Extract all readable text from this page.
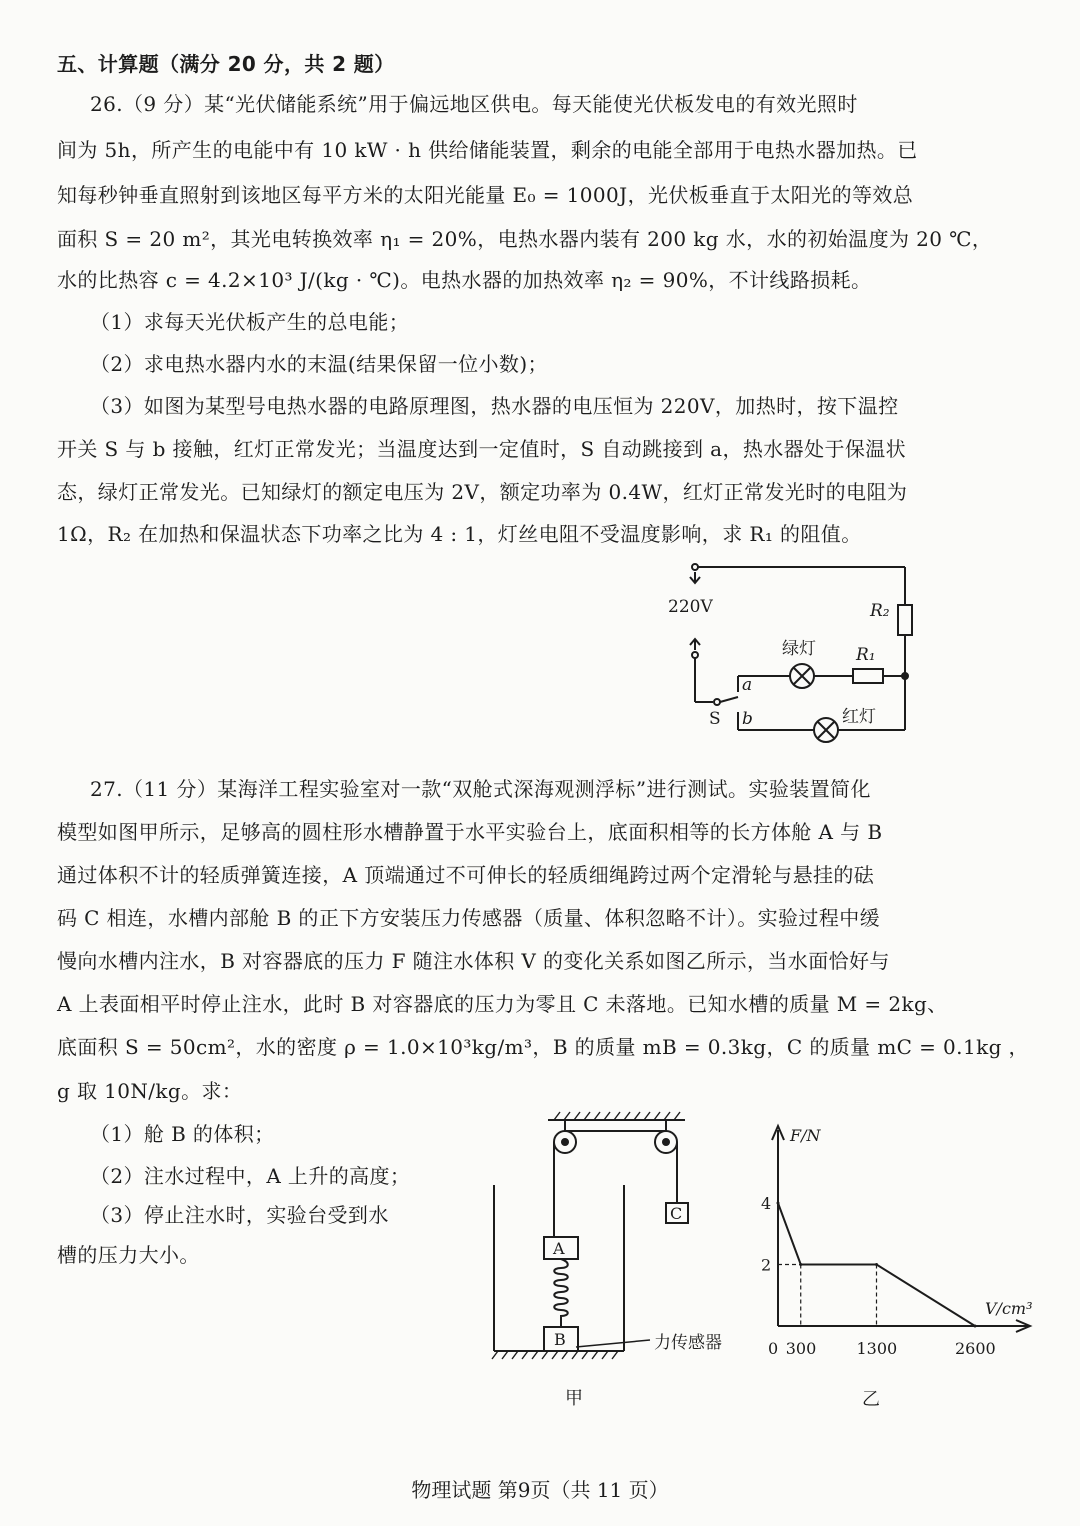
五、计算题（满分 20 分，共 2 题）
26.（9 分）某“光伏储能系统”用于偏远地区供电。每天能使光伏板发电的有效光照时
间为 5h，所产生的电能中有 10 kW · h 供给储能装置，剩余的电能全部用于电热水器加热。已
知每秒钟垂直照射到该地区每平方米的太阳光能量 E₀ = 1000J，光伏板垂直于太阳光的等效总
面积 S = 20 m²，其光电转换效率 η₁ = 20%，电热水器内装有 200 kg 水，水的初始温度为 20 ℃，
水的比热容 c = 4.2×10³ J/(kg · ℃)。电热水器的加热效率 η₂ = 90%，不计线路损耗。
（1）求每天光伏板产生的总电能；
（2）求电热水器内水的末温(结果保留一位小数)；
（3）如图为某型号电热水器的电路原理图，热水器的电压恒为 220V，加热时，按下温控
开关 S 与 b 接触，红灯正常发光；当温度达到一定值时，S 自动跳接到 a，热水器处于保温状
态，绿灯正常发光。已知绿灯的额定电压为 2V，额定功率为 0.4W，红灯正常发光时的电阻为
1Ω，R₂ 在加热和保温状态下功率之比为 4 : 1，灯丝电阻不受温度影响，求 R₁ 的阻值。
220V	R₂
R₁
绿灯
红灯
a
b
S
27.（11 分）某海洋工程实验室对一款“双舱式深海观测浮标”进行测试。实验装置简化
模型如图甲所示，足够高的圆柱形水槽静置于水平实验台上，底面积相等的长方体舱 A 与 B
通过体积不计的轻质弹簧连接，A 顶端通过不可伸长的轻质细绳跨过两个定滑轮与悬挂的砝
码 C 相连，水槽内部舱 B 的正下方安装压力传感器（质量、体积忽略不计）。实验过程中缓
慢向水槽内注水，B 对容器底的压力 F 随注水体积 V 的变化关系如图乙所示，当水面恰好与
A 上表面相平时停止注水，此时 B 对容器底的压力为零且 C 未落地。已知水槽的质量 M = 2kg、
底面积 S = 50cm²，水的密度 ρ = 1.0×10³kg/m³，B 的质量 mB = 0.3kg，C 的质量 mC = 0.1kg ，
g 取 10N/kg。求：
（1）舱 B 的体积；
（2）注水过程中，A 上升的高度；
（3）停止注水时，实验台受到水
槽的压力大小。	A
B
C
力传感器
甲
0 300	1300	2600
2
4
F/N
V/cm³
乙
物理试题 第9页（共 11 页）
